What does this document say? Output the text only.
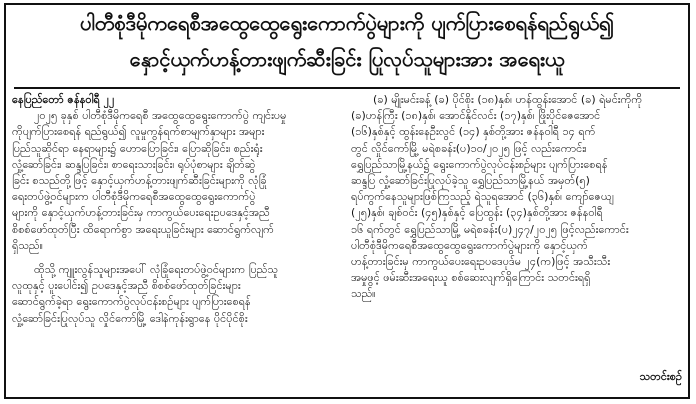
ပါတီစုံဒီမိုကရေစီအထွေထွေရွေးကောက်ပွဲများကို ပျက်ပြားစေရန်ရည်ရွယ်၍
နှောင့်ယှက်ဟန့်တားဖျက်ဆီးခြင်း ပြုလုပ်သူများအား အရေးယူ
နေပြည်တော် ဇန်နဝါရီ ၂၂
၂၀၂၅ ခုနှစ် ပါတီစုံဒီမိုကရေစီ အထွေထွေရွေးကောက်ပွဲ ကျင်းပမှု
ကိုပျက်ပြားစေရန် ရည်ရွယ်၍ လူမှုကွန်ရက်စာမျက်နှာများ အများ
ပြည်သူဆိုင်ရာ နေရာများ၌ ဟောပြောခြင်း၊ ပြောဆိုခြင်း၊ စည်းရုံး
လှုံ့ဆော်ခြင်း၊ ဆန္ဒပြခြင်း၊ စာရေးသားခြင်း၊ ရုပ်ပုံစာများ ချိတ်ဆွဲ
ခြင်း စသည်တို့ဖြင့် နှောင့်ယှက်ဟန့်တားဖျက်ဆီးခြင်းများကို လုံခြုံ
ရေးတပ်ဖွဲ့ဝင်များက ပါတီစုံဒီမိုကရေစီအထွေထွေရွေးကောက်ပွဲ
များကို နှောင့်ယှက်ဟန့်တားခြင်းမှ ကာကွယ်ပေးရေးဥပဒေနှင့်အညီ
စိစစ်ဖော်ထုတ်ပြီး ထိရောက်စွာ အရေးယူခြင်းများ ဆောင်ရွက်လျက်
ရှိသည်။
ထိုသို့ ကျူးလွန်သူများအပေါ် လုံခြုံရေးတပ်ဖွဲ့ဝင်များက ပြည်သူ
လူထုနှင့် ပူးပေါင်း၍ ဥပဒေနှင့်အညီ စိစစ်ဖော်ထုတ်ခြင်းများ
ဆောင်ရွက်ခဲ့ရာ ရွေးကောက်ပွဲလုပ်ငန်းစဉ်များ ပျက်ပြားစေရန်
လှုံ့ဆော်ခြင်းပြုလုပ်သူ လှိုင်ကော်မြို့ ဒေါနဲကုန်းရွာနေ ပိုင်ပိုင်စိုး
(ခ) မျိုးမင်းခန့် (ခ) ပိုင်စိုး (၁၈)နှစ်၊ ဟန်ထွန်းအောင် (ခ) ရဲမင်းကိုကို
(ခ)ဟန်ကြီး (၁၈)နှစ်၊ အောင်နိုင်လင်း (၁၇)နှစ်၊ ဖြိုးပိုင်ဇေအောင်
(၁၆)နှစ်နှင့် ထွန်းနေဦးလွင် (၁၄) နှစ်တို့အား ဇန်နဝါရီ ၁၄ ရက်
တွင် လှိုင်ကော်မြို့ မရဲစခန်း(ပ)၁၀/၂၀၂၅ ဖြင့် လည်းကောင်း၊
ရွှေပြည်သာမြို့နယ်၌ ရွေးကောက်ပွဲလုပ်ငန်းစဉ်များ ပျက်ပြားစေရန်
ဆန္ဒပြ လှုံ့ဆော်ခြင်းပြုလုပ်ခဲ့သူ ရွှေပြည်သာမြို့နယ် အမှတ်(၅)
ရပ်ကွက်နေသူများဖြစ်ကြသည့် ရဲသူရအောင် (၃၆)နှစ်၊ ကျော်ဇေယျ
(၂၅)နှစ်၊ ချစ်ဝင်း (၄၅)နှစ်နှင့် ပြေထွန်း (၃၄)နှစ်တို့အား ဇန်နဝါရီ
၁၆ ရက်တွင် ရွှေပြည်သာမြို့ မရဲစခန်း(ပ)၂၄၇/၂၀၂၅ ဖြင့်လည်းကောင်း
ပါတီစုံဒီမိုကရေစီအထွေထွေရွေးကောက်ပွဲများကို နှောင့်ယှက်
ဟန့်တားခြင်းမှ ကာကွယ်ပေးရေးဥပဒေပုဒ်မ ၂၄(က)ဖြင့် အသီးသီး
အမှုဖွင့် ဖမ်းဆီးအရေးယူ စစ်ဆေးလျက်ရှိကြောင်း သတင်းရရှိ
သည်။
သတင်းစဉ်
